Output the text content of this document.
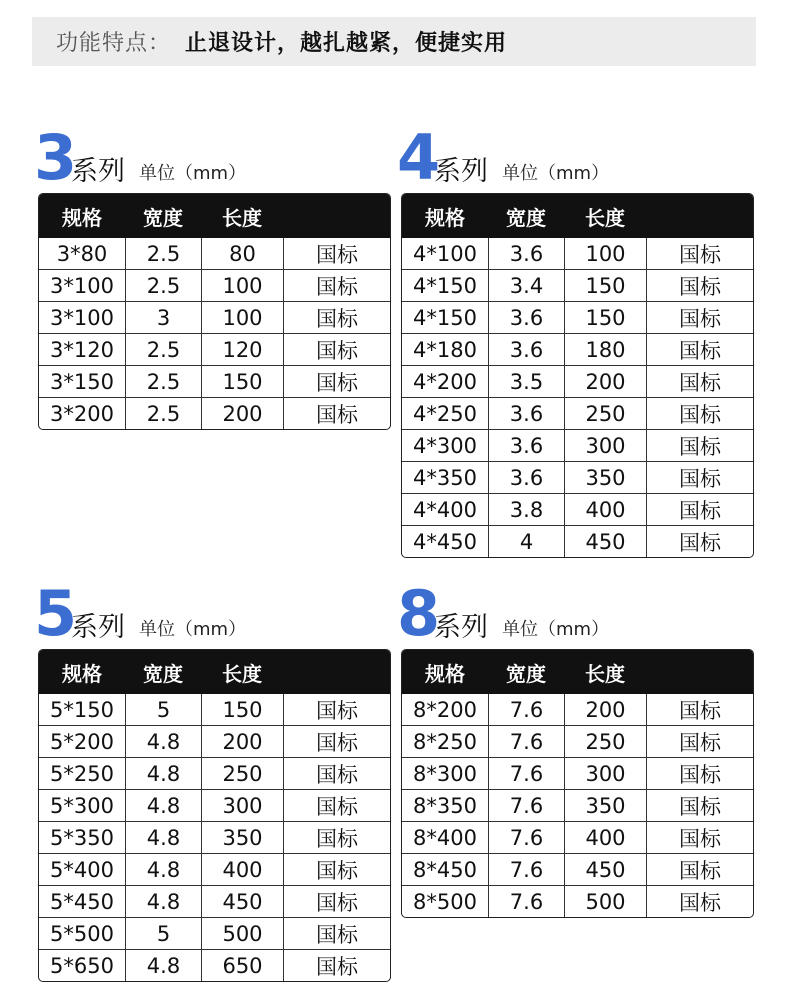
功能特点： 止退设计，越扎越紧，便捷实用
3
系列 单位（mm）
规格	宽度	长度	
3*80	2.5	80	国标
3*100	2.5	100	国标
3*100	3	100	国标
3*120	2.5	120	国标
3*150	2.5	150	国标
3*200	2.5	200	国标
4
系列 单位（mm）
规格	宽度	长度	
4*100	3.6	100	国标
4*150	3.4	150	国标
4*150	3.6	150	国标
4*180	3.6	180	国标
4*200	3.5	200	国标
4*250	3.6	250	国标
4*300	3.6	300	国标
4*350	3.6	350	国标
4*400	3.8	400	国标
4*450	4	450	国标
5
系列 单位（mm）
规格	宽度	长度	
5*150	5	150	国标
5*200	4.8	200	国标
5*250	4.8	250	国标
5*300	4.8	300	国标
5*350	4.8	350	国标
5*400	4.8	400	国标
5*450	4.8	450	国标
5*500	5	500	国标
5*650	4.8	650	国标
8
系列 单位（mm）
规格	宽度	长度	
8*200	7.6	200	国标
8*250	7.6	250	国标
8*300	7.6	300	国标
8*350	7.6	350	国标
8*400	7.6	400	国标
8*450	7.6	450	国标
8*500	7.6	500	国标
